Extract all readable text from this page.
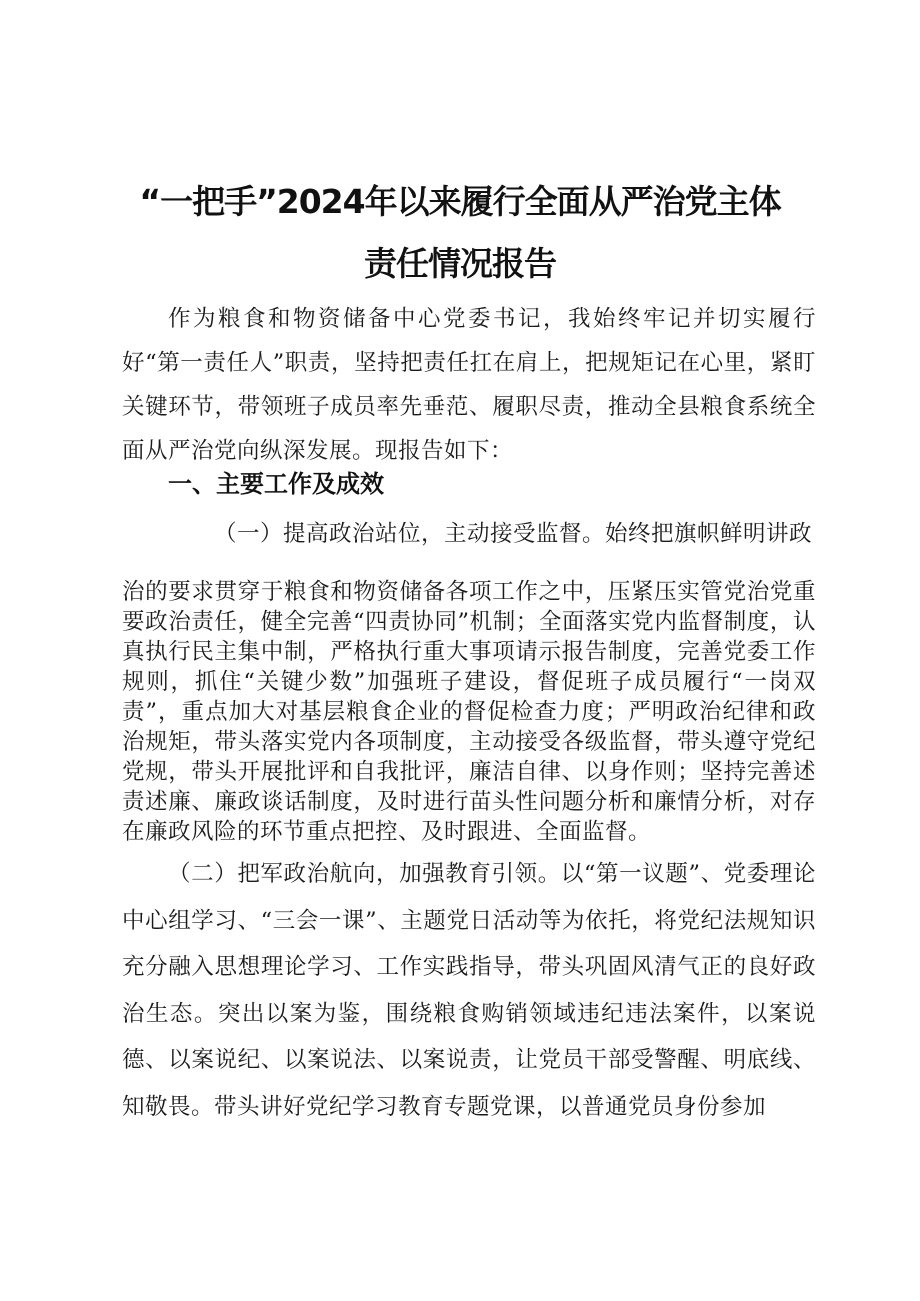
“一把手”2024年以来履行全面从严治党主体
责任情况报告

作为粮食和物资储备中心党委书记，我始终牢记并切实履行好“第一责任人”职责，坚持把责任扛在肩上，把规矩记在心里，紧盯关键环节，带领班子成员率先垂范、履职尽责，推动全县粮食系统全面从严治党向纵深发展。现报告如下：

一、主要工作及成效

（一）提高政治站位，主动接受监督。始终把旗帜鲜明讲政治的要求贯穿于粮食和物资储备各项工作之中，压紧压实管党治党重要政治责任，健全完善“四责协同”机制；全面落实党内监督制度，认真执行民主集中制，严格执行重大事项请示报告制度，完善党委工作规则，抓住“关键少数”加强班子建设，督促班子成员履行“一岗双责”，重点加大对基层粮食企业的督促检查力度；严明政治纪律和政治规矩，带头落实党内各项制度，主动接受各级监督，带头遵守党纪党规，带头开展批评和自我批评，廉洁自律、以身作则；坚持完善述责述廉、廉政谈话制度，及时进行苗头性问题分析和廉情分析，对存在廉政风险的环节重点把控、及时跟进、全面监督。

（二）把军政治航向，加强教育引领。以“第一议题”、党委理论中心组学习、“三会一课”、主题党日活动等为依托，将党纪法规知识充分融入思想理论学习、工作实践指导，带头巩固风清气正的良好政治生态。突出以案为鉴，围绕粮食购销领域违纪违法案件，以案说德、以案说纪、以案说法、以案说责，让党员干部受警醒、明底线、知敬畏。带头讲好党纪学习教育专题党课，以普通党员身份参加
